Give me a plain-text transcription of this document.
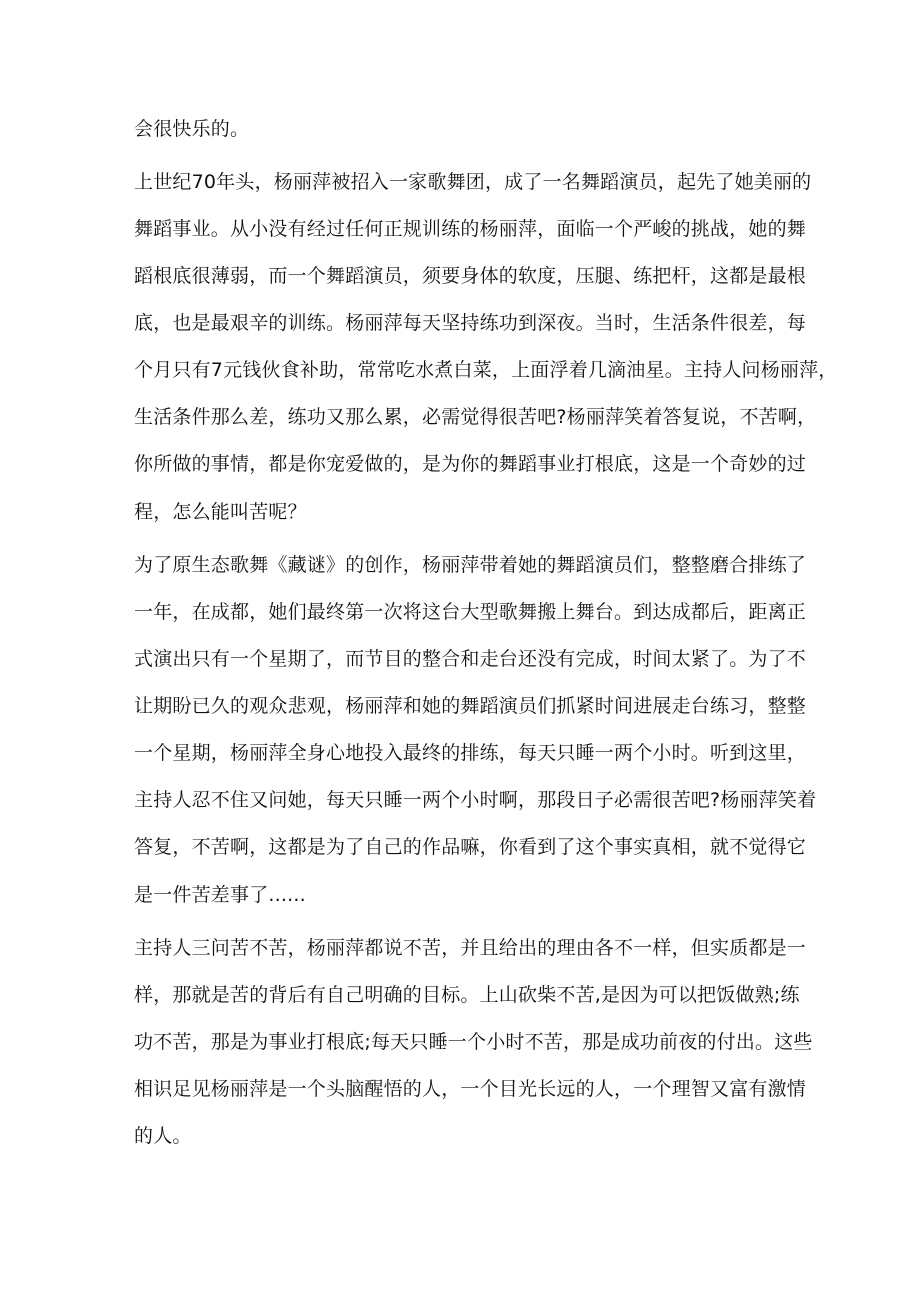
会很快乐的。
上世纪70年头，杨丽萍被招入一家歌舞团，成了一名舞蹈演员，起先了她美丽的
舞蹈事业。从小没有经过任何正规训练的杨丽萍，面临一个严峻的挑战，她的舞
蹈根底很薄弱，而一个舞蹈演员，须要身体的软度，压腿、练把杆，这都是最根
底，也是最艰辛的训练。杨丽萍每天坚持练功到深夜。当时，生活条件很差，每
个月只有7元钱伙食补助，常常吃水煮白菜，上面浮着几滴油星。主持人问杨丽萍，
生活条件那么差，练功又那么累，必需觉得很苦吧?杨丽萍笑着答复说，不苦啊，
你所做的事情，都是你宠爱做的，是为你的舞蹈事业打根底，这是一个奇妙的过
程，怎么能叫苦呢？
为了原生态歌舞《藏谜》的创作，杨丽萍带着她的舞蹈演员们，整整磨合排练了
一年，在成都，她们最终第一次将这台大型歌舞搬上舞台。到达成都后，距离正
式演出只有一个星期了，而节目的整合和走台还没有完成，时间太紧了。为了不
让期盼已久的观众悲观，杨丽萍和她的舞蹈演员们抓紧时间进展走台练习，整整
一个星期，杨丽萍全身心地投入最终的排练，每天只睡一两个小时。听到这里，
主持人忍不住又问她，每天只睡一两个小时啊，那段日子必需很苦吧?杨丽萍笑着
答复，不苦啊，这都是为了自己的作品嘛，你看到了这个事实真相，就不觉得它
是一件苦差事了......
主持人三问苦不苦，杨丽萍都说不苦，并且给出的理由各不一样，但实质都是一
样，那就是苦的背后有自己明确的目标。上山砍柴不苦,是因为可以把饭做熟;练
功不苦，那是为事业打根底;每天只睡一个小时不苦，那是成功前夜的付出。这些
相识足见杨丽萍是一个头脑醒悟的人，一个目光长远的人，一个理智又富有激情
的人。
